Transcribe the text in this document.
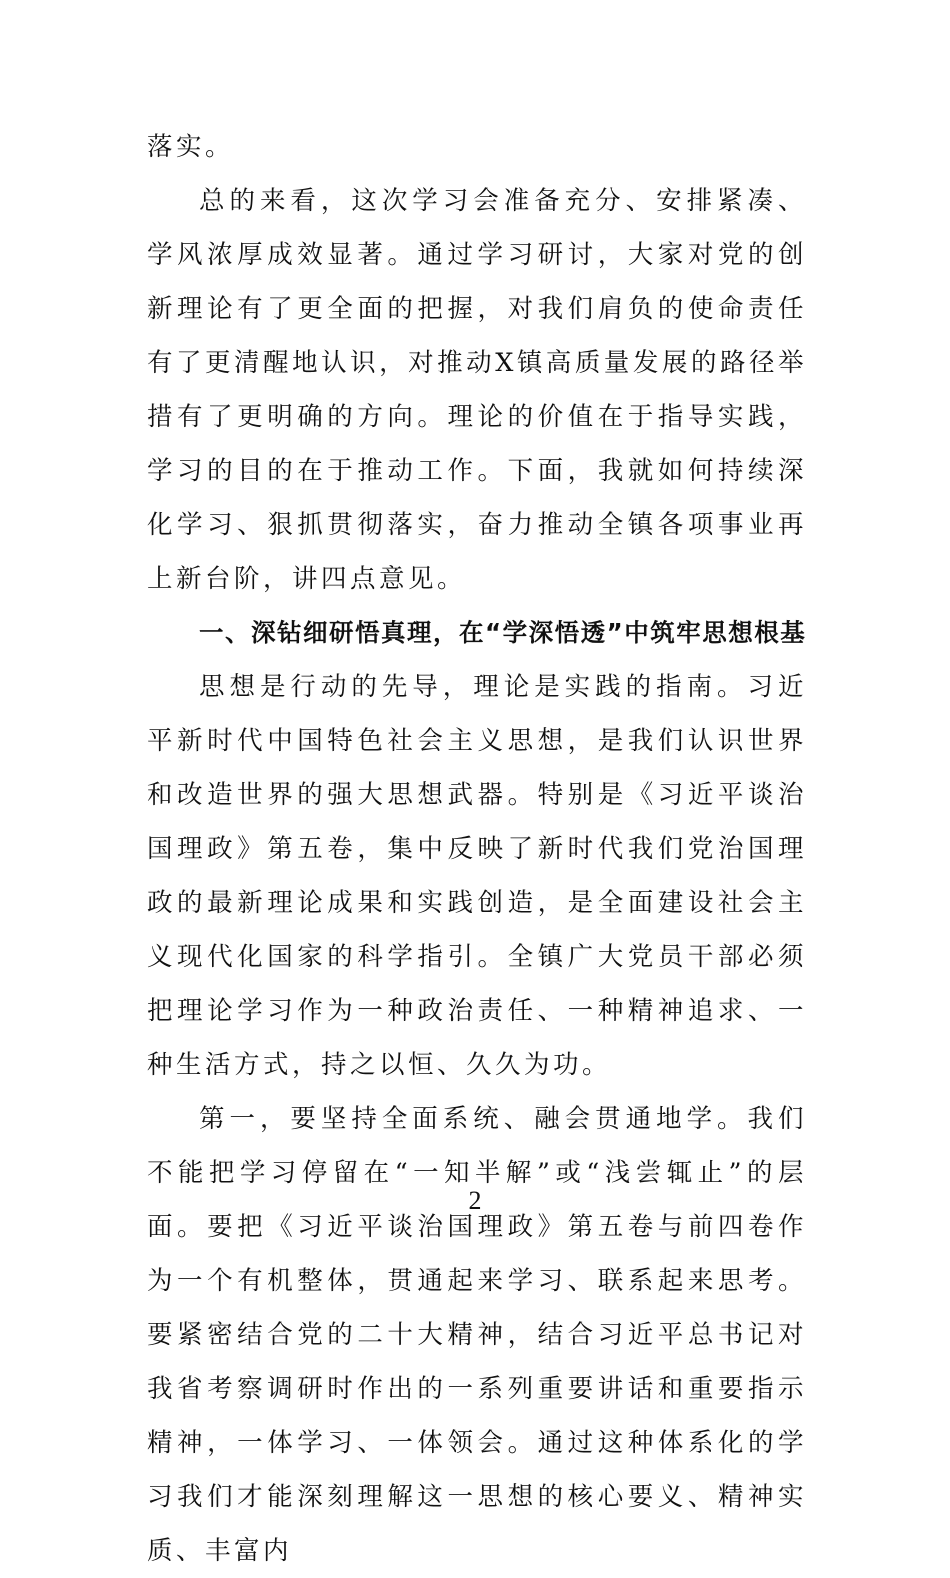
落实。

总的来看，这次学习会准备充分、安排紧凑、学风浓厚成效显著。通过学习研讨，大家对党的创新理论有了更全面的把握，对我们肩负的使命责任有了更清醒地认识，对推动X镇高质量发展的路径举措有了更明确的方向。理论的价值在于指导实践，学习的目的在于推动工作。下面，我就如何持续深化学习、狠抓贯彻落实，奋力推动全镇各项事业再上新台阶，讲四点意见。

一、深钻细研悟真理，在“学深悟透”中筑牢思想根基

思想是行动的先导，理论是实践的指南。习近平新时代中国特色社会主义思想，是我们认识世界和改造世界的强大思想武器。特别是《习近平谈治国理政》第五卷，集中反映了新时代我们党治国理政的最新理论成果和实践创造，是全面建设社会主义现代化国家的科学指引。全镇广大党员干部必须把理论学习作为一种政治责任、一种精神追求、一种生活方式，持之以恒、久久为功。

第一，要坚持全面系统、融会贯通地学。我们不能把学习停留在“一知半解”或“浅尝辄止”的层面。要把《习近平谈治国理政》第五卷与前四卷作为一个有机整体，贯通起来学习、联系起来思考。要紧密结合党的二十大精神，结合习近平总书记对我省考察调研时作出的一系列重要讲话和重要指示精神，一体学习、一体领会。通过这种体系化的学习我们才能深刻理解这一思想的核心要义、精神实质、丰富内

2
